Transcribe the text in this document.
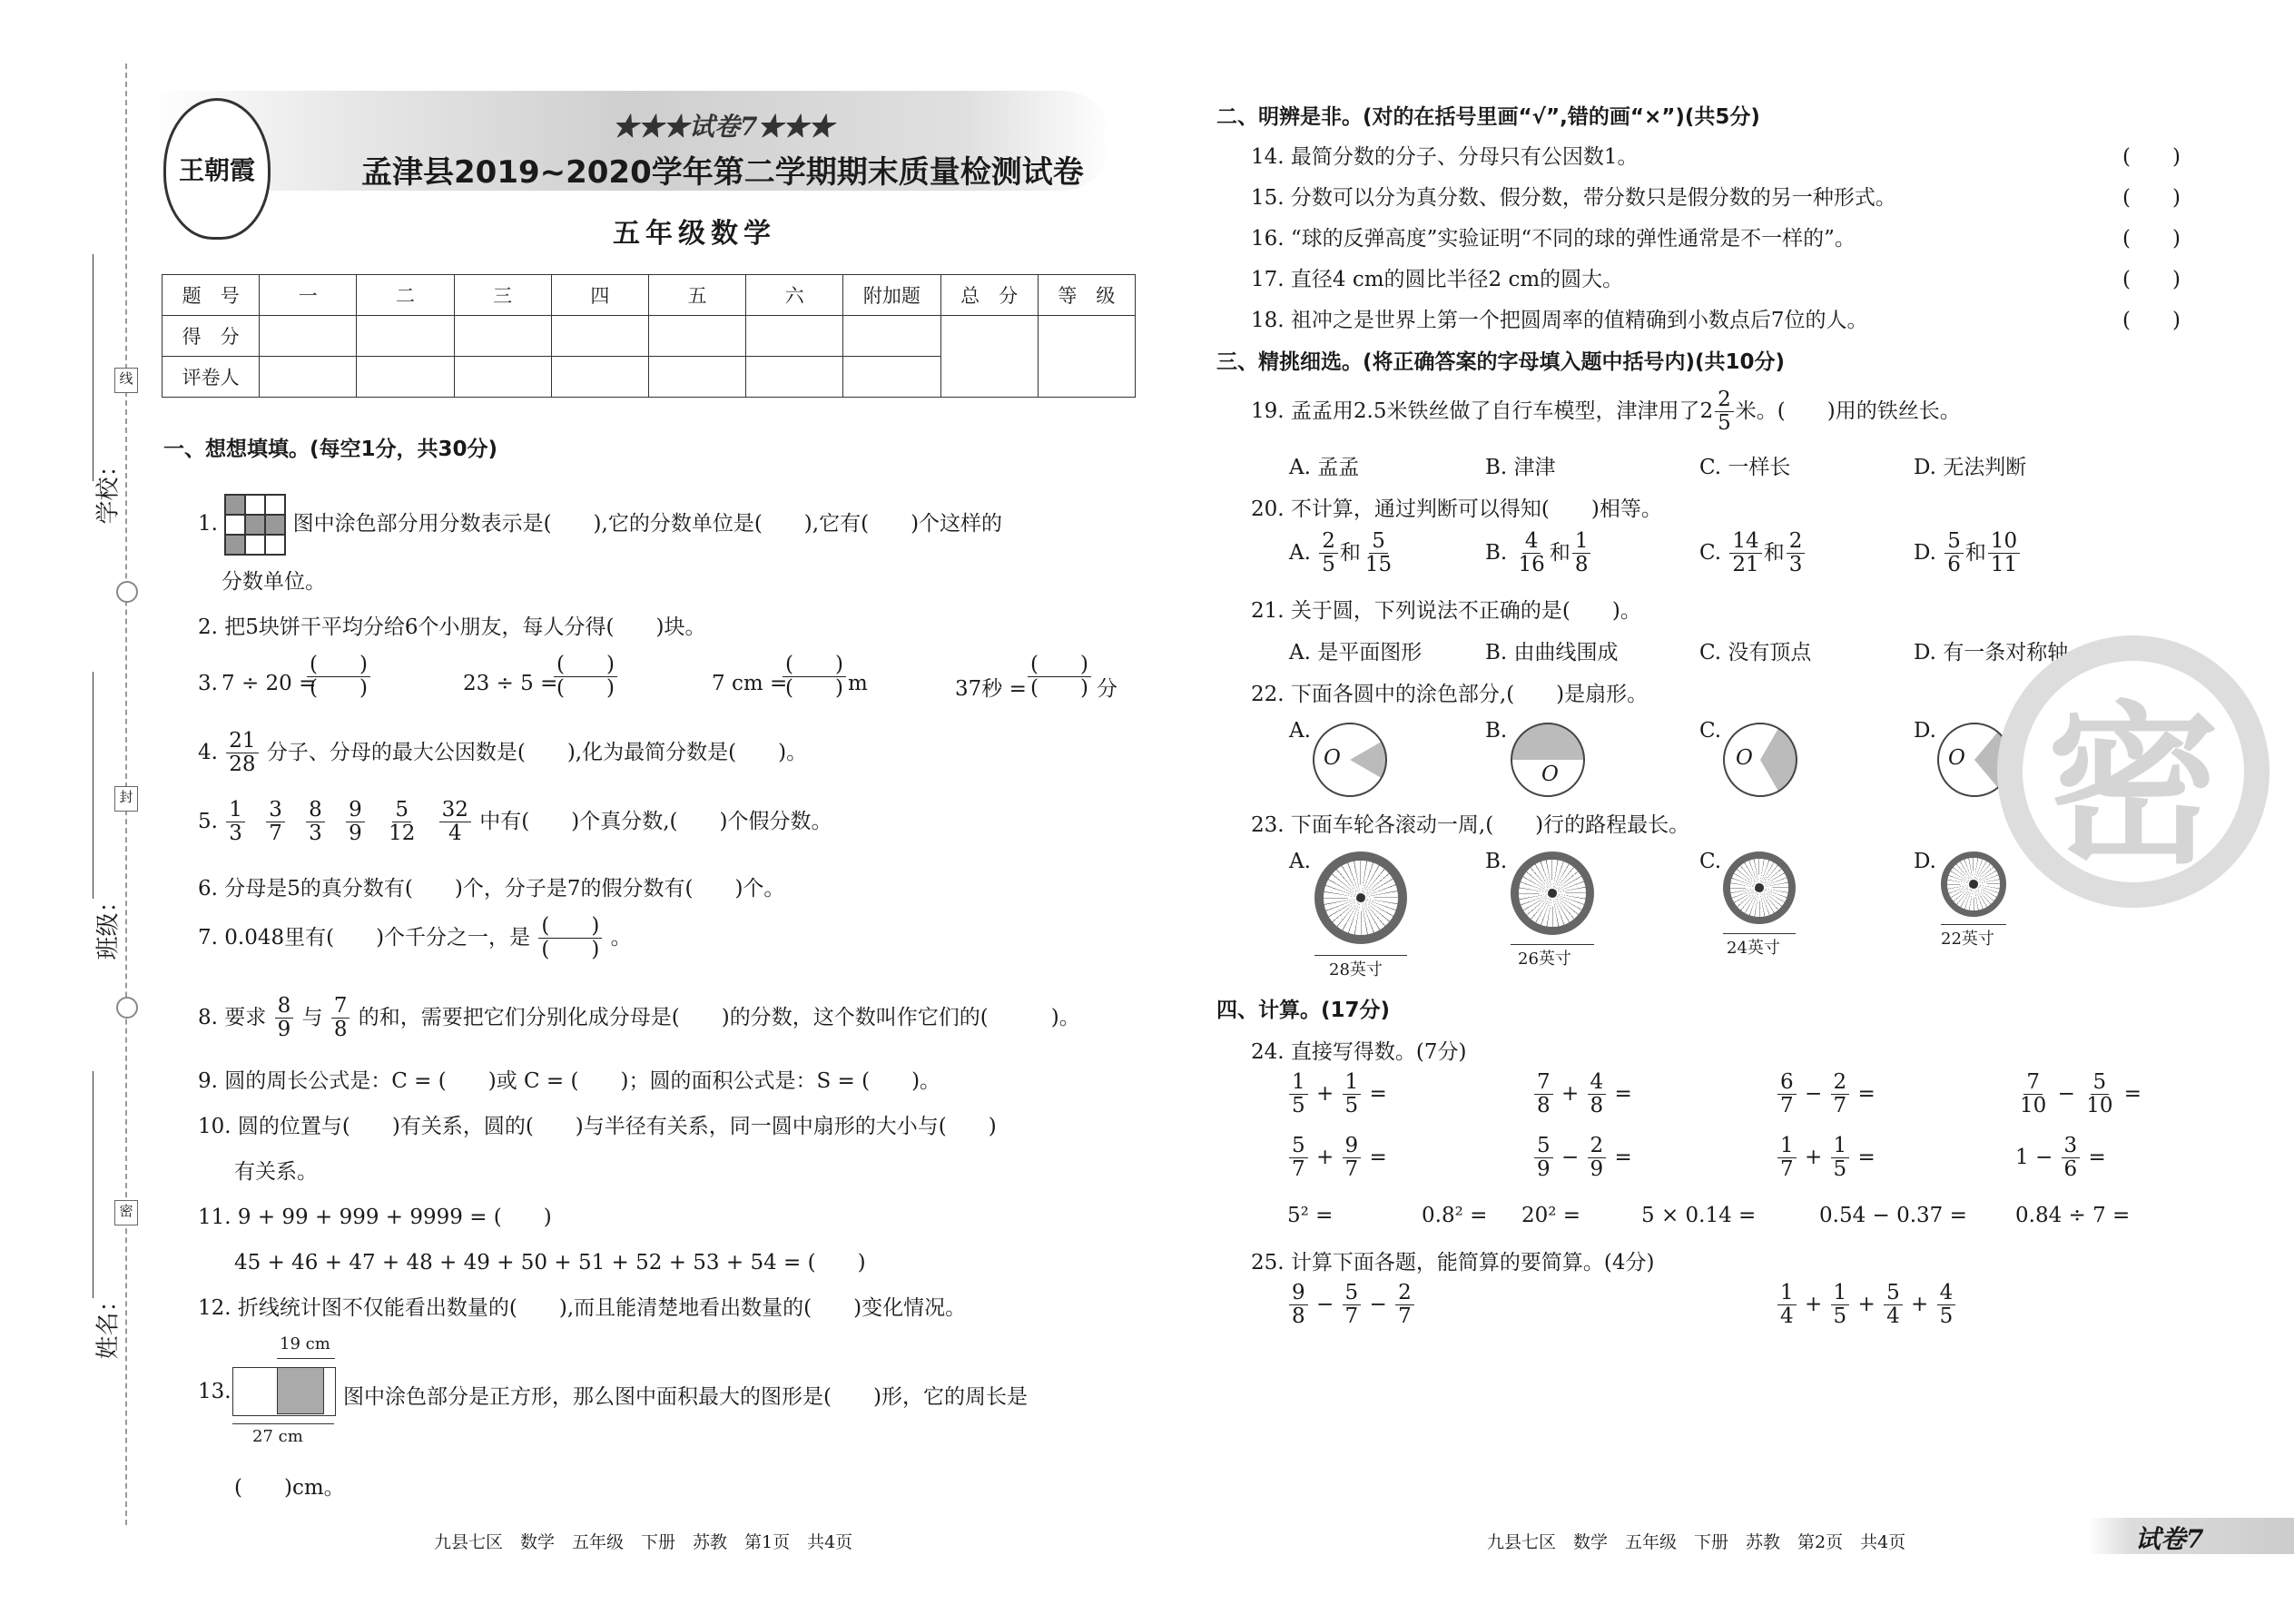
学校：
班级：
姓名：
线
封
密
王朝霞
★★★试卷7★★★
孟津县2019~2020学年第二学期期末质量检测试卷
五年级数学
题　号	一	二	三	四	五	六	附加题	总　分	等　级
得　分									
评卷人									
一、想想填填。(每空1分，共30分)
1.	图中涂色部分用分数表示是(　　),它的分数单位是(　　),它有(　　)个这样的
分数单位。
2. 把5块饼干平均分给6个小朋友，每人分得(　　)块。
3. 7 ÷ 20 =
(　　)
(　　)	23 ÷ 5 =
(　　)
(　　)	7 cm =
(　　)
(　　) m	37秒 =
(　　)
(　　) 分
4. $\frac{21}{28}$ 分子、分母的最大公因数是(　　),化为最简分数是(　　)。
5. $\frac{1}{3}$
$\frac{3}{7}$
$\frac{8}{3}$
$\frac{9}{9}$
$\frac{5}{12}$
$\frac{32}{4}$ 中有(　　)个真分数,(　　)个假分数。
6. 分母是5的真分数有(　　)个，分子是7的假分数有(　　)个。
7. 0.048里有(　　)个千分之一，是 $\frac{( )}{( )}$ 。
8. 要求 $\frac{8}{9}$ 与 $\frac{7}{8}$ 的和，需要把它们分别化成分母是(　　)的分数，这个数叫作它们的(　　　)。
9. 圆的周长公式是：C = (　　)或 C = (　　)；圆的面积公式是：S = (　　)。
10. 圆的位置与(　　)有关系，圆的(　　)与半径有关系，同一圆中扇形的大小与(　　)
有关系。
11. 9 + 99 + 999 + 9999 = (　　)
45 + 46 + 47 + 48 + 49 + 50 + 51 + 52 + 53 + 54 = (　　)
12. 折线统计图不仅能看出数量的(　　),而且能清楚地看出数量的(　　)变化情况。
13.
19 cm
27 cm
图中涂色部分是正方形，那么图中面积最大的图形是(　　)形，它的周长是
(　　)cm。
九县七区　数学　五年级　下册　苏教　第1页　共4页
二、明辨是非。(对的在括号里画“√”,错的画“×”)(共5分)
14. 最简分数的分子、分母只有公因数1。	(　　)
15. 分数可以分为真分数、假分数，带分数只是假分数的另一种形式。	(　　)
16. “球的反弹高度”实验证明“不同的球的弹性通常是不一样的”。	(　　)
17. 直径4 cm的圆比半径2 cm的圆大。	(　　)
18. 祖冲之是世界上第一个把圆周率的值精确到小数点后7位的人。	(　　)
三、精挑细选。(将正确答案的字母填入题中括号内)(共10分)
19. 孟孟用2.5米铁丝做了自行车模型，津津用了$2 \frac{2}{5}$ 米。(　　)用的铁丝长。
A. 孟孟	B. 津津	C. 一样长	D. 无法判断
20. 不计算，通过判断可以得知(　　)相等。
A. $\frac{2}{5}$ 和 $\frac{5}{15}$	B. $\frac{4}{16}$ 和 $\frac{1}{8}$	C. $\frac{14}{21}$ 和 $\frac{2}{3}$	D. $\frac{5}{6}$ 和 $\frac{10}{11}$
21. 关于圆，下列说法不正确的是(　　)。
A. 是平面图形	B. 由曲线围成	C. 没有顶点	D. 有一条对称轴
22. 下面各圆中的涂色部分,(　　)是扇形。
A.
O
B.
O
C.
O
D.
O
23. 下面车轮各滚动一周,(　　)行的路程最长。
A.
28英寸
B.
26英寸
C.
24英寸
D.
22英寸
四、计算。(17分)
24. 直接写得数。(7分)
$\frac{1}{5} + \frac{1}{5}$ =	$\frac{7}{8} + \frac{4}{8}$ =	$\frac{6}{7} - \frac{2}{7}$ =	$\frac{7}{10} - \frac{5}{10}$ =
$\frac{5}{7} + \frac{9}{7}$ =	$\frac{5}{9} - \frac{2}{9}$ =	$\frac{1}{7} + \frac{1}{5}$ =	$1 - \frac{3}{6}$ =
5² =	0.8² = 20² =	5 × 0.14 =	0.54 − 0.37 = 0.84 ÷ 7 =
25. 计算下面各题，能简算的要简算。(4分)
$\frac{9}{8} - \frac{5}{7} - \frac{2}{7}$	$\frac{1}{4} + \frac{1}{5} + \frac{5}{4} + \frac{4}{5}$
密
九县七区　数学　五年级　下册　苏教　第2页　共4页	试卷7
